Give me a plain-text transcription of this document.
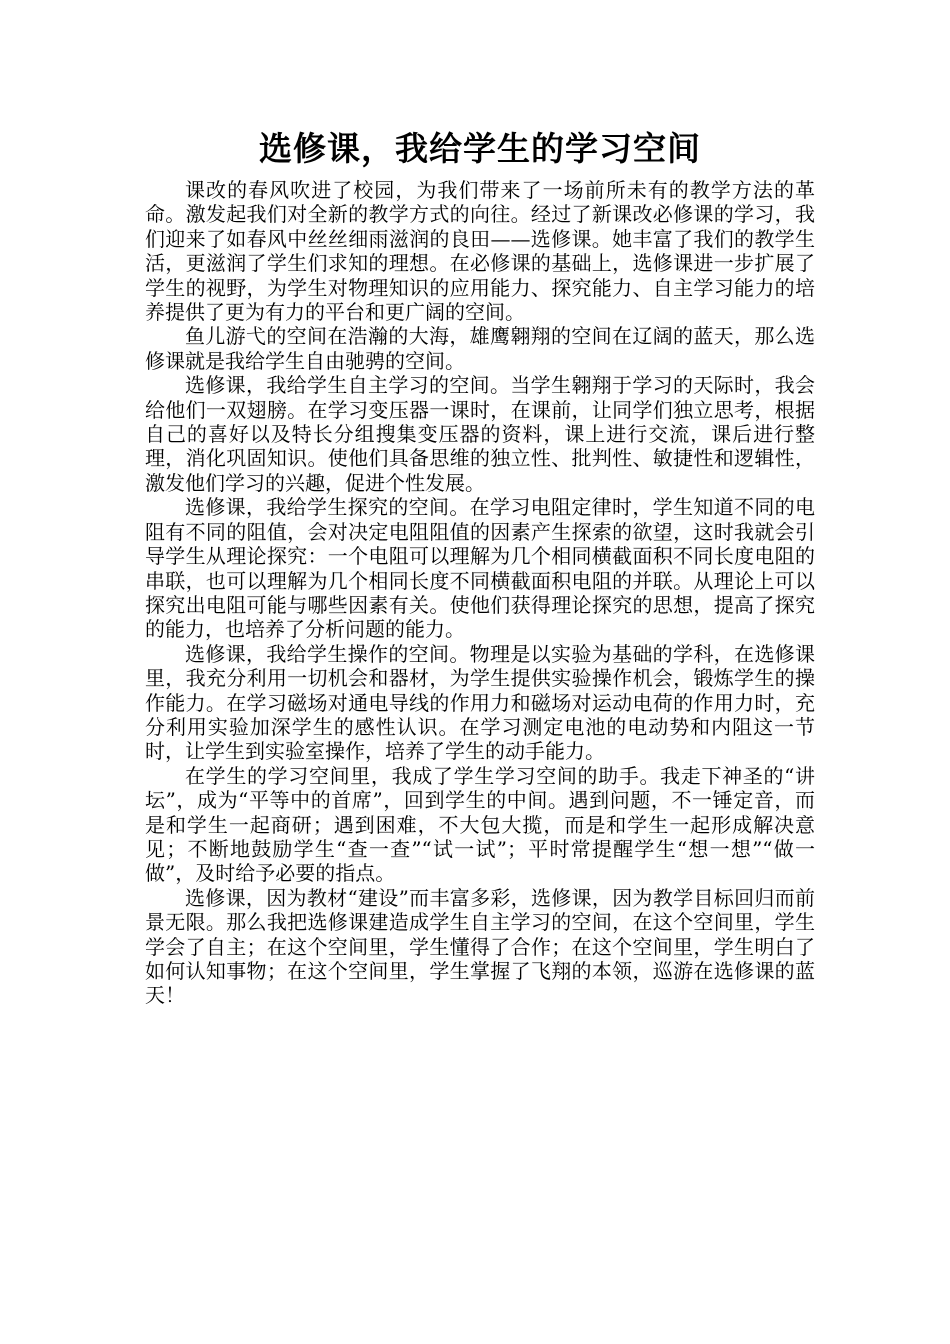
选修课，我给学生的学习空间

课改的春风吹进了校园，为我们带来了一场前所未有的教学方法的革命。激发起我们对全新的教学方式的向往。经过了新课改必修课的学习，我们迎来了如春风中丝丝细雨滋润的良田——选修课。她丰富了我们的教学生活，更滋润了学生们求知的理想。在必修课的基础上，选修课进一步扩展了学生的视野，为学生对物理知识的应用能力、探究能力、自主学习能力的培养提供了更为有力的平台和更广阔的空间。

鱼儿游弋的空间在浩瀚的大海，雄鹰翱翔的空间在辽阔的蓝天，那么选修课就是我给学生自由驰骋的空间。

选修课，我给学生自主学习的空间。当学生翱翔于学习的天际时，我会给他们一双翅膀。在学习变压器一课时，在课前，让同学们独立思考，根据自己的喜好以及特长分组搜集变压器的资料，课上进行交流，课后进行整理，消化巩固知识。使他们具备思维的独立性、批判性、敏捷性和逻辑性，激发他们学习的兴趣，促进个性发展。

选修课，我给学生探究的空间。在学习电阻定律时，学生知道不同的电阻有不同的阻值，会对决定电阻阻值的因素产生探索的欲望，这时我就会引导学生从理论探究：一个电阻可以理解为几个相同横截面积不同长度电阻的串联，也可以理解为几个相同长度不同横截面积电阻的并联。从理论上可以探究出电阻可能与哪些因素有关。使他们获得理论探究的思想，提高了探究的能力，也培养了分析问题的能力。

选修课，我给学生操作的空间。物理是以实验为基础的学科，在选修课里，我充分利用一切机会和器材，为学生提供实验操作机会，锻炼学生的操作能力。在学习磁场对通电导线的作用力和磁场对运动电荷的作用力时，充分利用实验加深学生的感性认识。在学习测定电池的电动势和内阻这一节时，让学生到实验室操作，培养了学生的动手能力。

在学生的学习空间里，我成了学生学习空间的助手。我走下神圣的“讲坛”，成为“平等中的首席”，回到学生的中间。遇到问题，不一锤定音，而是和学生一起商研；遇到困难，不大包大揽，而是和学生一起形成解决意见；不断地鼓励学生“查一查”“试一试”；平时常提醒学生“想一想”“做一做”，及时给予必要的指点。

选修课，因为教材“建设”而丰富多彩，选修课，因为教学目标回归而前景无限。那么我把选修课建造成学生自主学习的空间，在这个空间里，学生学会了自主；在这个空间里，学生懂得了合作；在这个空间里，学生明白了如何认知事物；在这个空间里，学生掌握了飞翔的本领，巡游在选修课的蓝天！
